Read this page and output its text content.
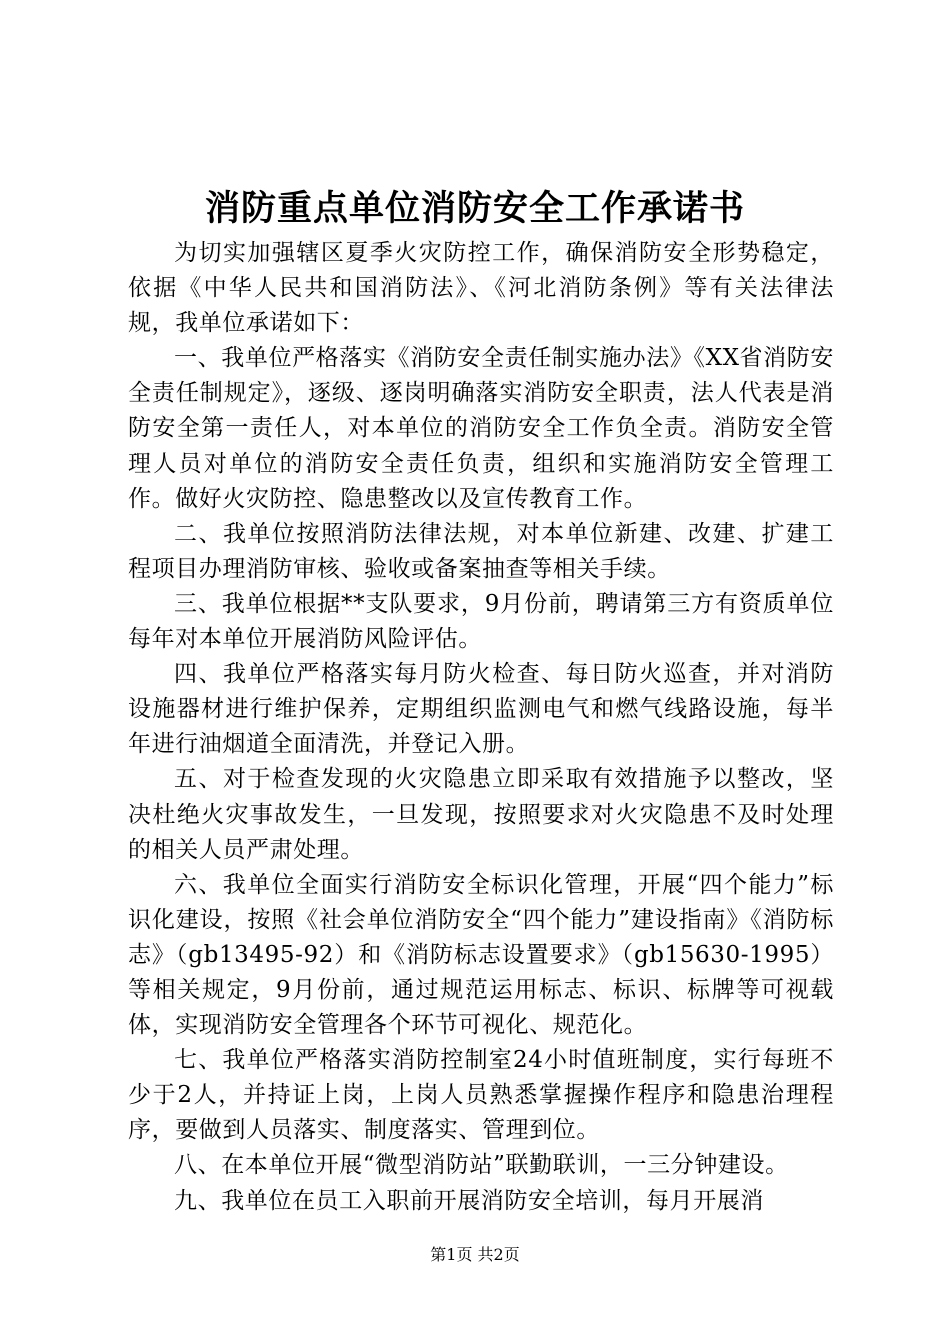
消防重点单位消防安全工作承诺书

为切实加强辖区夏季火灾防控工作，确保消防安全形势稳定，依据《中华人民共和国消防法》、《河北消防条例》等有关法律法规，我单位承诺如下：

一、我单位严格落实《消防安全责任制实施办法》《XX省消防安全责任制规定》，逐级、逐岗明确落实消防安全职责，法人代表是消防安全第一责任人，对本单位的消防安全工作负全责。消防安全管理人员对单位的消防安全责任负责，组织和实施消防安全管理工作。做好火灾防控、隐患整改以及宣传教育工作。

二、我单位按照消防法律法规，对本单位新建、改建、扩建工程项目办理消防审核、验收或备案抽查等相关手续。

三、我单位根据**支队要求，9月份前，聘请第三方有资质单位每年对本单位开展消防风险评估。

四、我单位严格落实每月防火检查、每日防火巡查，并对消防设施器材进行维护保养，定期组织监测电气和燃气线路设施，每半年进行油烟道全面清洗，并登记入册。

五、对于检查发现的火灾隐患立即采取有效措施予以整改，坚决杜绝火灾事故发生，一旦发现，按照要求对火灾隐患不及时处理的相关人员严肃处理。

六、我单位全面实行消防安全标识化管理，开展“四个能力”标识化建设，按照《社会单位消防安全“四个能力”建设指南》《消防标志》（gb13495-92）和《消防标志设置要求》（gb15630-1995）等相关规定，9月份前，通过规范运用标志、标识、标牌等可视载体，实现消防安全管理各个环节可视化、规范化。

七、我单位严格落实消防控制室24小时值班制度，实行每班不少于2人，并持证上岗，上岗人员熟悉掌握操作程序和隐患治理程序，要做到人员落实、制度落实、管理到位。

八、在本单位开展“微型消防站”联勤联训，一三分钟建设。

九、我单位在员工入职前开展消防安全培训，每月开展消

第1页 共2页
